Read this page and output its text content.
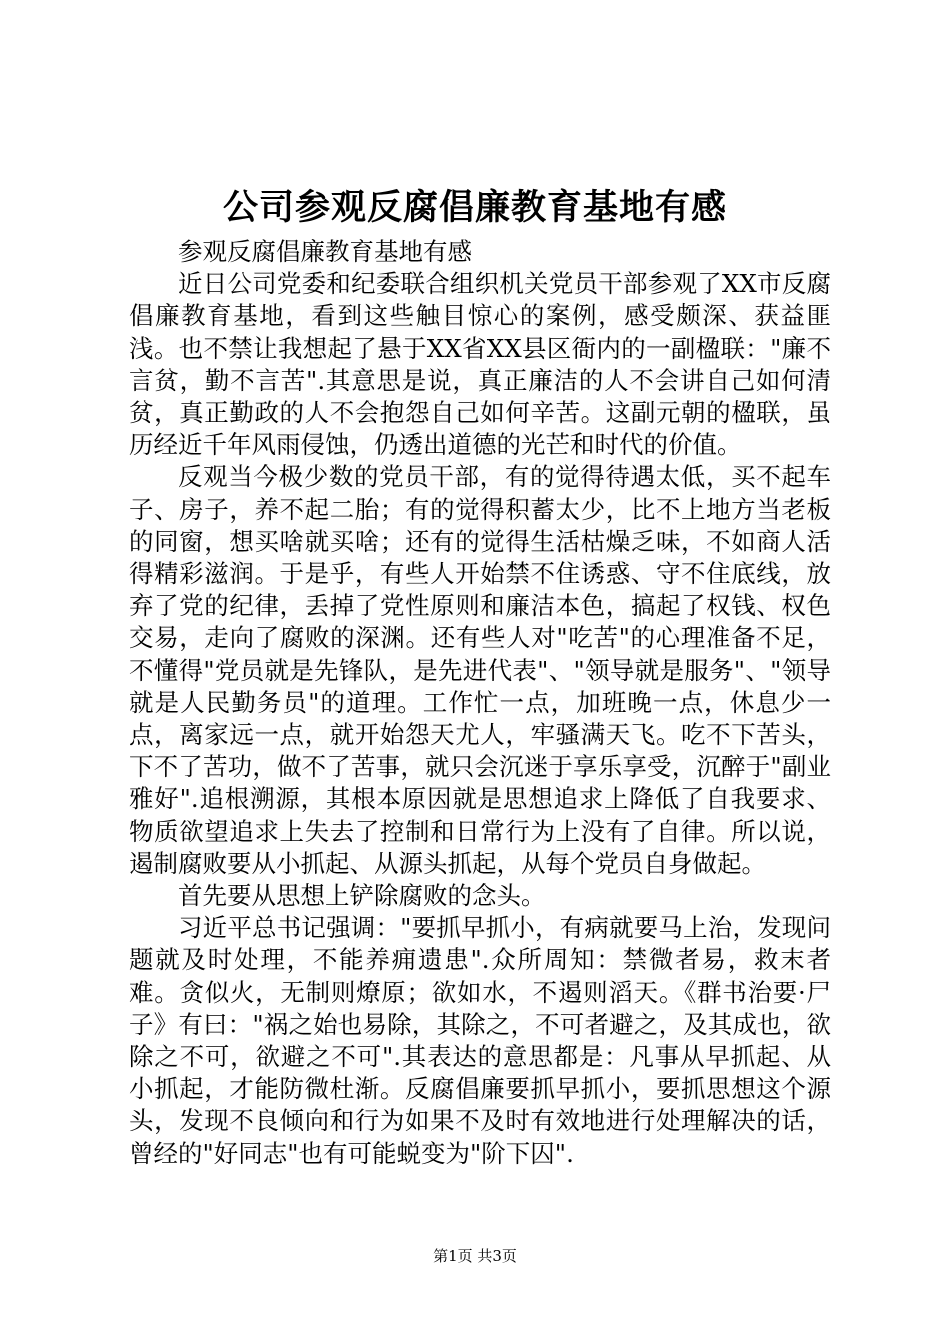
公司参观反腐倡廉教育基地有感

参观反腐倡廉教育基地有感

近日公司党委和纪委联合组织机关党员干部参观了XX市反腐倡廉教育基地，看到这些触目惊心的案例，感受颇深、获益匪浅。也不禁让我想起了悬于XX省XX县区衙内的一副楹联："廉不言贫，勤不言苦".其意思是说，真正廉洁的人不会讲自己如何清贫，真正勤政的人不会抱怨自己如何辛苦。这副元朝的楹联，虽历经近千年风雨侵蚀，仍透出道德的光芒和时代的价值。

反观当今极少数的党员干部，有的觉得待遇太低，买不起车子、房子，养不起二胎；有的觉得积蓄太少，比不上地方当老板的同窗，想买啥就买啥；还有的觉得生活枯燥乏味，不如商人活得精彩滋润。于是乎，有些人开始禁不住诱惑、守不住底线，放弃了党的纪律，丢掉了党性原则和廉洁本色，搞起了权钱、权色交易，走向了腐败的深渊。还有些人对"吃苦"的心理准备不足，不懂得"党员就是先锋队，是先进代表"、"领导就是服务"、"领导就是人民勤务员"的道理。工作忙一点，加班晚一点，休息少一点，离家远一点，就开始怨天尤人，牢骚满天飞。吃不下苦头，下不了苦功，做不了苦事，就只会沉迷于享乐享受，沉醉于"副业雅好".追根溯源，其根本原因就是思想追求上降低了自我要求、物质欲望追求上失去了控制和日常行为上没有了自律。所以说，遏制腐败要从小抓起、从源头抓起，从每个党员自身做起。

首先要从思想上铲除腐败的念头。

习近平总书记强调："要抓早抓小，有病就要马上治，发现问题就及时处理，不能养痈遗患".众所周知：禁微者易，救末者难。贪似火，无制则燎原；欲如水，不遏则滔天。《群书治要·尸子》有曰："祸之始也易除，其除之，不可者避之，及其成也，欲除之不可，欲避之不可".其表达的意思都是：凡事从早抓起、从小抓起，才能防微杜渐。反腐倡廉要抓早抓小，要抓思想这个源头，发现不良倾向和行为如果不及时有效地进行处理解决的话，曾经的"好同志"也有可能蜕变为"阶下囚".

第1页 共3页
